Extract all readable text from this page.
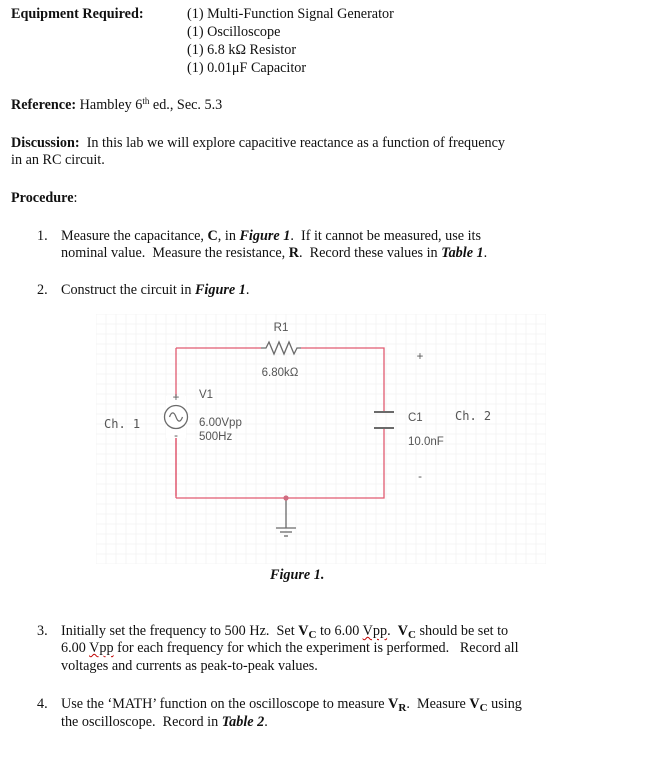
Equipment Required:	(1) Multi-Function Signal Generator
(1) Oscilloscope
(1) 6.8 kΩ Resistor
(1) 0.01μF Capacitor
Reference: Hambley 6th ed., Sec. 5.3
Discussion:  In this lab we will explore capacitive reactance as a function of frequency
in an RC circuit.
Procedure:
1. Measure the capacitance, C, in Figure 1.  If it cannot be measured, use its
nominal value.  Measure the resistance, R.  Record these values in Table 1.
2. Construct the circuit in Figure 1.
+
-
R1
6.80kΩ
V1
6.00Vpp
500Hz
Ch. 1	C1
10.0nF
Ch. 2
+
-
Figure 1.
3. Initially set the frequency to 500 Hz.  Set $V_C$ to 6.00 Vpp.  $V_C$ should be set to
6.00 Vpp for each frequency for which the experiment is performed.   Record all
voltages and currents as peak-to-peak values.
4. Use the ‘MATH’ function on the oscilloscope to measure $V_R$.  Measure $V_C$ using
the oscilloscope.  Record in Table 2.
